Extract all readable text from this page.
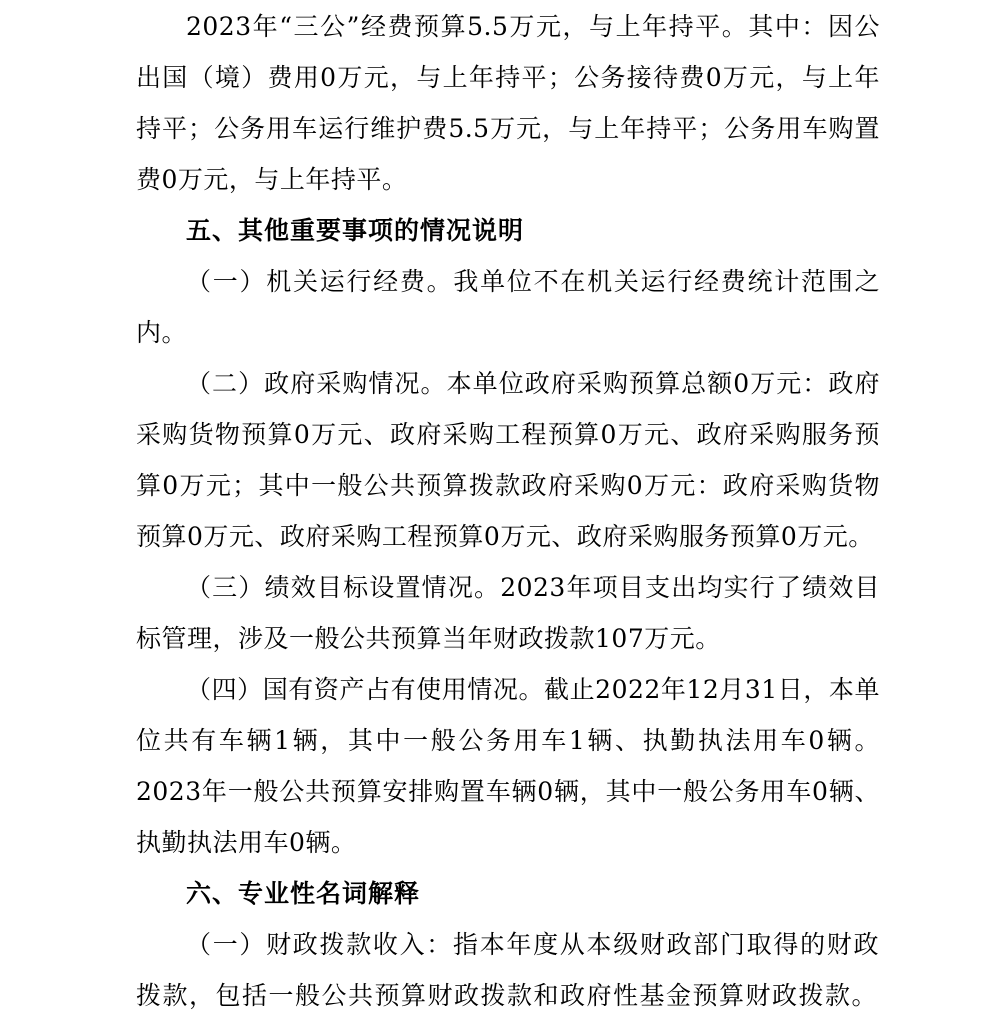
2023年“三公”经费预算5.5万元，与上年持平。其中：因公出国（境）费用0万元，与上年持平；公务接待费0万元，与上年持平；公务用车运行维护费5.5万元，与上年持平；公务用车购置费0万元，与上年持平。

五、其他重要事项的情况说明

（一）机关运行经费。我单位不在机关运行经费统计范围之内。

（二）政府采购情况。本单位政府采购预算总额0万元：政府采购货物预算0万元、政府采购工程预算0万元、政府采购服务预算0万元；其中一般公共预算拨款政府采购0万元：政府采购货物预算0万元、政府采购工程预算0万元、政府采购服务预算0万元。

（三）绩效目标设置情况。2023年项目支出均实行了绩效目标管理，涉及一般公共预算当年财政拨款107万元。

（四）国有资产占有使用情况。截止2022年12月31日，本单位共有车辆1辆，其中一般公务用车1辆、执勤执法用车0辆。2023年一般公共预算安排购置车辆0辆，其中一般公务用车0辆、执勤执法用车0辆。

六、专业性名词解释

（一）财政拨款收入：指本年度从本级财政部门取得的财政拨款，包括一般公共预算财政拨款和政府性基金预算财政拨款。
